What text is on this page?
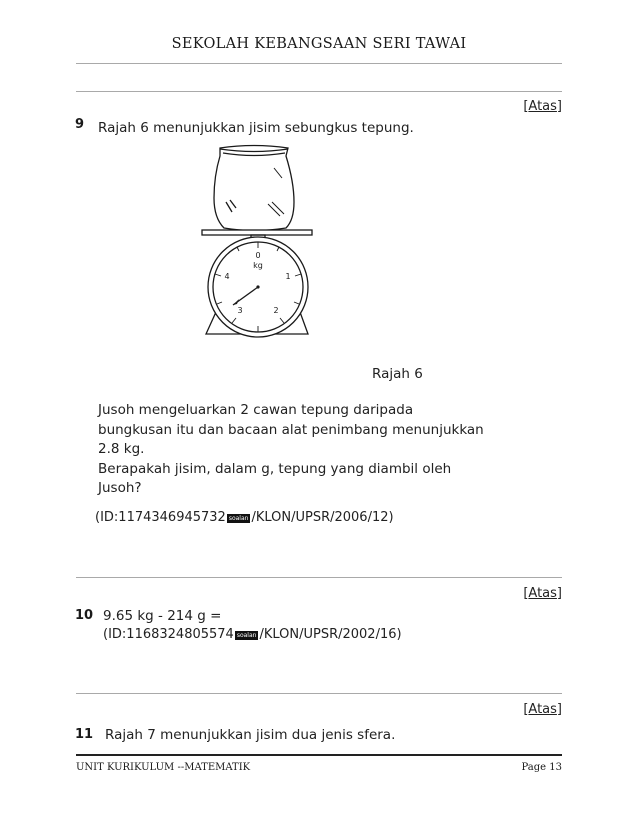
SEKOLAH KEBANGSAAN SERI TAWAI
[Atas]
9 Rajah 6 menunjukkan jisim sebungkus tepung.
0
kg
1
2
3
4
Rajah 6
Jusoh mengeluarkan 2 cawan tepung daripada
bungkusan itu dan bacaan alat penimbang menunjukkan
2.8 kg.
Berapakah jisim, dalam g, tepung yang diambil oleh
Jusoh?
(ID:1174346945732 soalan /KLON/UPSR/2006/12)
[Atas]
10 9.65 kg - 214 g =
(ID:1168324805574 soalan /KLON/UPSR/2002/16)
[Atas]
11 Rajah 7 menunjukkan jisim dua jenis sfera.
UNIT KURIKULUM --MATEMATIK	Page 13
